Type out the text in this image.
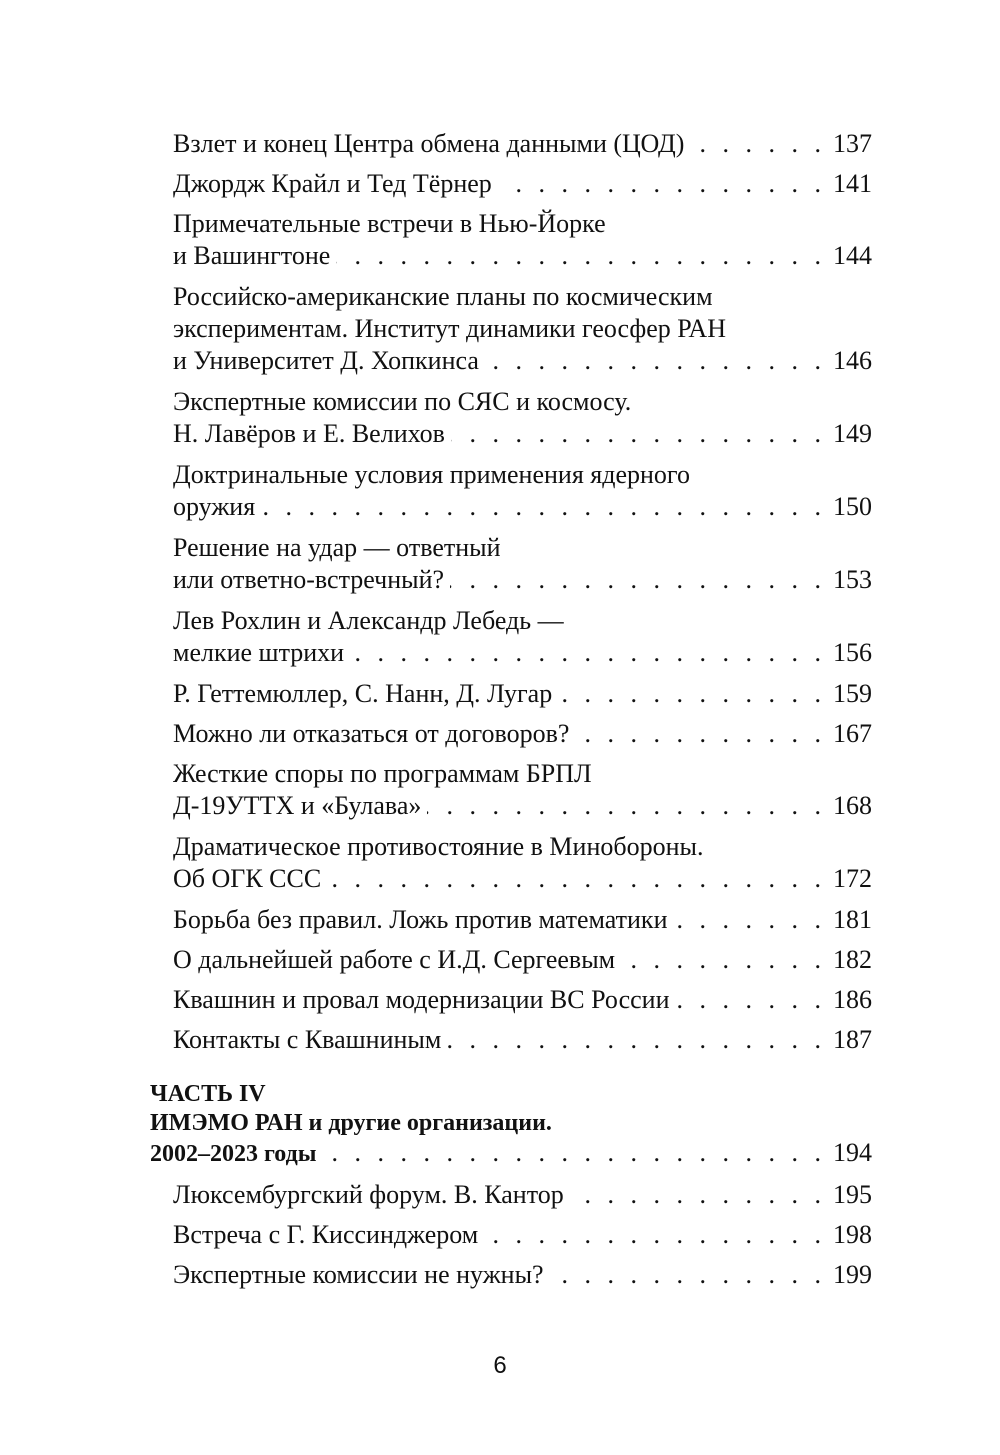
Взлет и конец Центра обмена данными (ЦОД) . . .	137
Джордж Крайл и Тед Тёрнер . . .	141
Примечательные встречи в Нью-Йорке
и Вашингтоне . . .	144
Российско-американские планы по космическим
экспериментам. Институт динамики геосфер РАН
и Университет Д. Хопкинса . . .	146
Экспертные комиссии по СЯС и космосу.
Н. Лавёров и Е. Велихов . . .	149
Доктринальные условия применения ядерного
оружия . . .	150
Решение на удар — ответный
или ответно-встречный? . . .	153
Лев Рохлин и Александр Лебедь —
мелкие штрихи . . .	156
Р. Геттемюллер, С. Нанн, Д. Лугар . . .	159
Можно ли отказаться от договоров? . . .	167
Жесткие споры по программам БРПЛ
Д-19УТТХ и «Булава» . . .	168
Драматическое противостояние в Минобороны.
Об ОГК ССС . . .	172
Борьба без правил. Ложь против математики . . .	181
О дальнейшей работе с И.Д. Сергеевым . . .	182
Квашнин и провал модернизации ВС России . . .	186
Контакты с Квашниным . . .	187
ЧАСТЬ IV
ИМЭМО РАН и другие организации.
2002–2023 годы . . .	194
Люксембургский форум. В. Кантор . . .	195
Встреча с Г. Киссинджером . . .	198
Экспертные комиссии не нужны? . . .	199
6
